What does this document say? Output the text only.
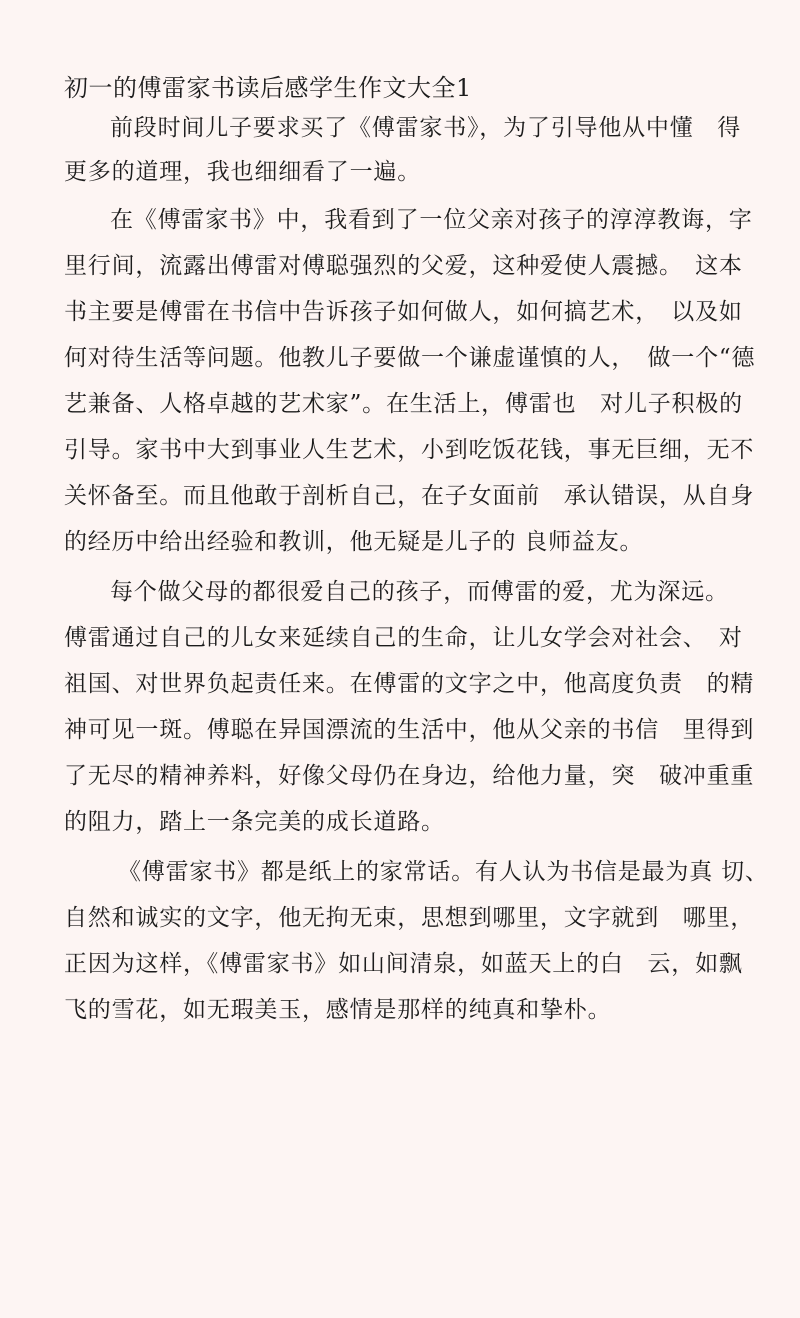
初一的傅雷家书读后感学生作文大全1
前段时间儿子要求买了《傅雷家书》，为了引导他从中懂　得
更多的道理，我也细细看了一遍。
在《傅雷家书》中，我看到了一位父亲对孩子的淳淳教诲，字
里行间，流露出傅雷对傅聪强烈的父爱，这种爱使人震撼。　这本
书主要是傅雷在书信中告诉孩子如何做人，如何搞艺术，　以及如
何对待生活等问题。他教儿子要做一个谦虚谨慎的人，　做一个“德
艺兼备、人格卓越的艺术家”。在生活上，傅雷也　对儿子积极的
引导。家书中大到事业人生艺术，小到吃饭花钱，事无巨细，无不
关怀备至。而且他敢于剖析自己，在子女面前　承认错误，从自身
的经历中给出经验和教训，他无疑是儿子的 良师益友。
每个做父母的都很爱自己的孩子，而傅雷的爱，尤为深远。
傅雷通过自己的儿女来延续自己的生命，让儿女学会对社会、　对
祖国、对世界负起责任来。在傅雷的文字之中，他高度负责　的精
神可见一斑。傅聪在异国漂流的生活中，他从父亲的书信　里得到
了无尽的精神养料，好像父母仍在身边，给他力量，突　破冲重重
的阻力，踏上一条完美的成长道路。
《傅雷家书》都是纸上的家常话。有人认为书信是最为真 切、
自然和诚实的文字，他无拘无束，思想到哪里，文字就到　哪里，
正因为这样，《傅雷家书》如山间清泉，如蓝天上的白　云，如飘
飞的雪花，如无瑕美玉，感情是那样的纯真和挚朴。
